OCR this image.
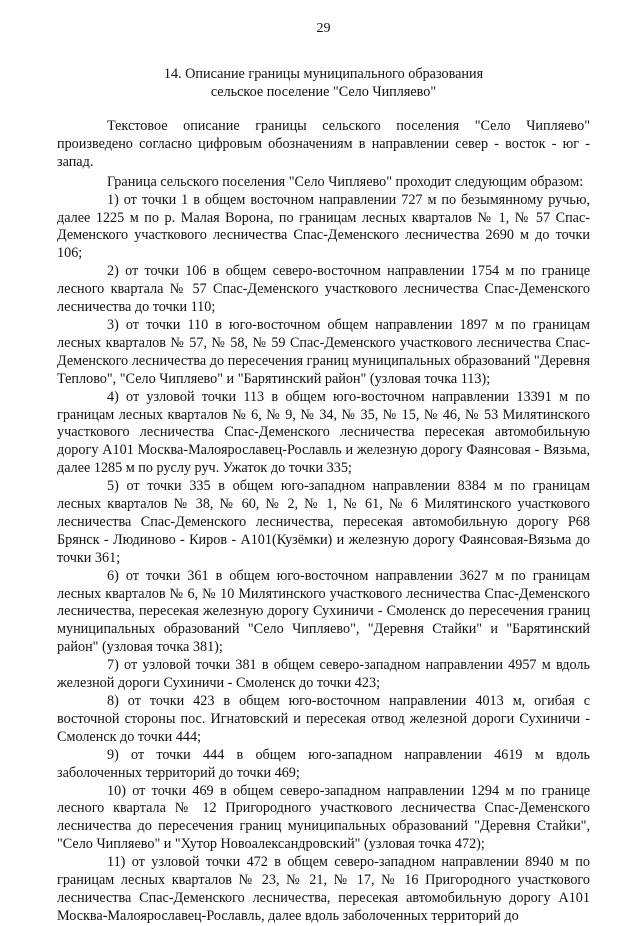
29
14. Описание границы муниципального образования
сельское поселение "Село Чипляево"

Текстовое описание границы сельского поселения "Село Чипляево" произведено согласно цифровым обозначениям в направлении север - восток - юг - запад.

Граница сельского поселения "Село Чипляево" проходит следующим образом:

1) от точки 1 в общем восточном направлении 727 м по безымянному ручью, далее 1225 м по р. Малая Ворона, по границам лесных кварталов № 1, № 57 Спас-Деменского участкового лесничества Спас-Деменского лесничества 2690 м до точки 106;

2) от точки 106 в общем северо-восточном направлении 1754 м по границе лесного квартала № 57 Спас-Деменского участкового лесничества Спас-Деменского лесничества до точки 110;

3) от точки 110 в юго-восточном общем направлении 1897 м по границам лесных кварталов № 57, № 58, № 59 Спас-Деменского участкового лесничества Спас-Деменского лесничества до пересечения границ муниципальных образований "Деревня Теплово", "Село Чипляево" и "Барятинский район" (узловая точка 113);

4) от узловой точки 113 в общем юго-восточном направлении 13391 м по границам лесных кварталов № 6, № 9, № 34, № 35, № 15, № 46, № 53 Милятинского участкового лесничества Спас-Деменского лесничества пересекая автомобильную дорогу А101 Москва-Малоярославец-Рославль и железную дорогу Фаянсовая - Вязьма, далее 1285 м по руслу руч. Ужаток до точки 335;

5) от точки 335 в общем юго-западном направлении 8384 м по границам лесных кварталов № 38, № 60, № 2, № 1, № 61, № 6 Милятинского участкового лесничества Спас-Деменского лесничества, пересекая автомобильную дорогу Р68 Брянск - Людиново - Киров - А101(Кузёмки) и железную дорогу Фаянсовая-Вязьма до точки 361;

6) от точки 361 в общем юго-восточном направлении 3627 м по границам лесных кварталов № 6, № 10 Милятинского участкового лесничества Спас-Деменского лесничества, пересекая железную дорогу Сухиничи - Смоленск до пересечения границ муниципальных образований "Село Чипляево", "Деревня Стайки" и "Барятинский район" (узловая точка 381);

7) от узловой точки 381 в общем северо-западном направлении 4957 м вдоль железной дороги Сухиничи - Смоленск до точки 423;

8) от точки 423 в общем юго-восточном направлении 4013 м, огибая с восточной стороны пос. Игнатовский и пересекая отвод железной дороги Сухиничи - Смоленск до точки 444;

9) от точки 444 в общем юго-западном направлении 4619 м вдоль заболоченных территорий до точки 469;

10) от точки 469 в общем северо-западном направлении 1294 м по границе лесного квартала № 12 Пригородного участкового лесничества Спас-Деменского лесничества до пересечения границ муниципальных образований "Деревня Стайки", "Село Чипляево" и "Хутор Новоалександровский" (узловая точка 472);

11) от узловой точки 472 в общем северо-западном направлении 8940 м по границам лесных кварталов № 23, № 21, № 17, № 16 Пригородного участкового лесничества Спас-Деменского лесничества, пересекая автомобильную дорогу А101 Москва-Малоярославец-Рославль, далее вдоль заболоченных территорий до
